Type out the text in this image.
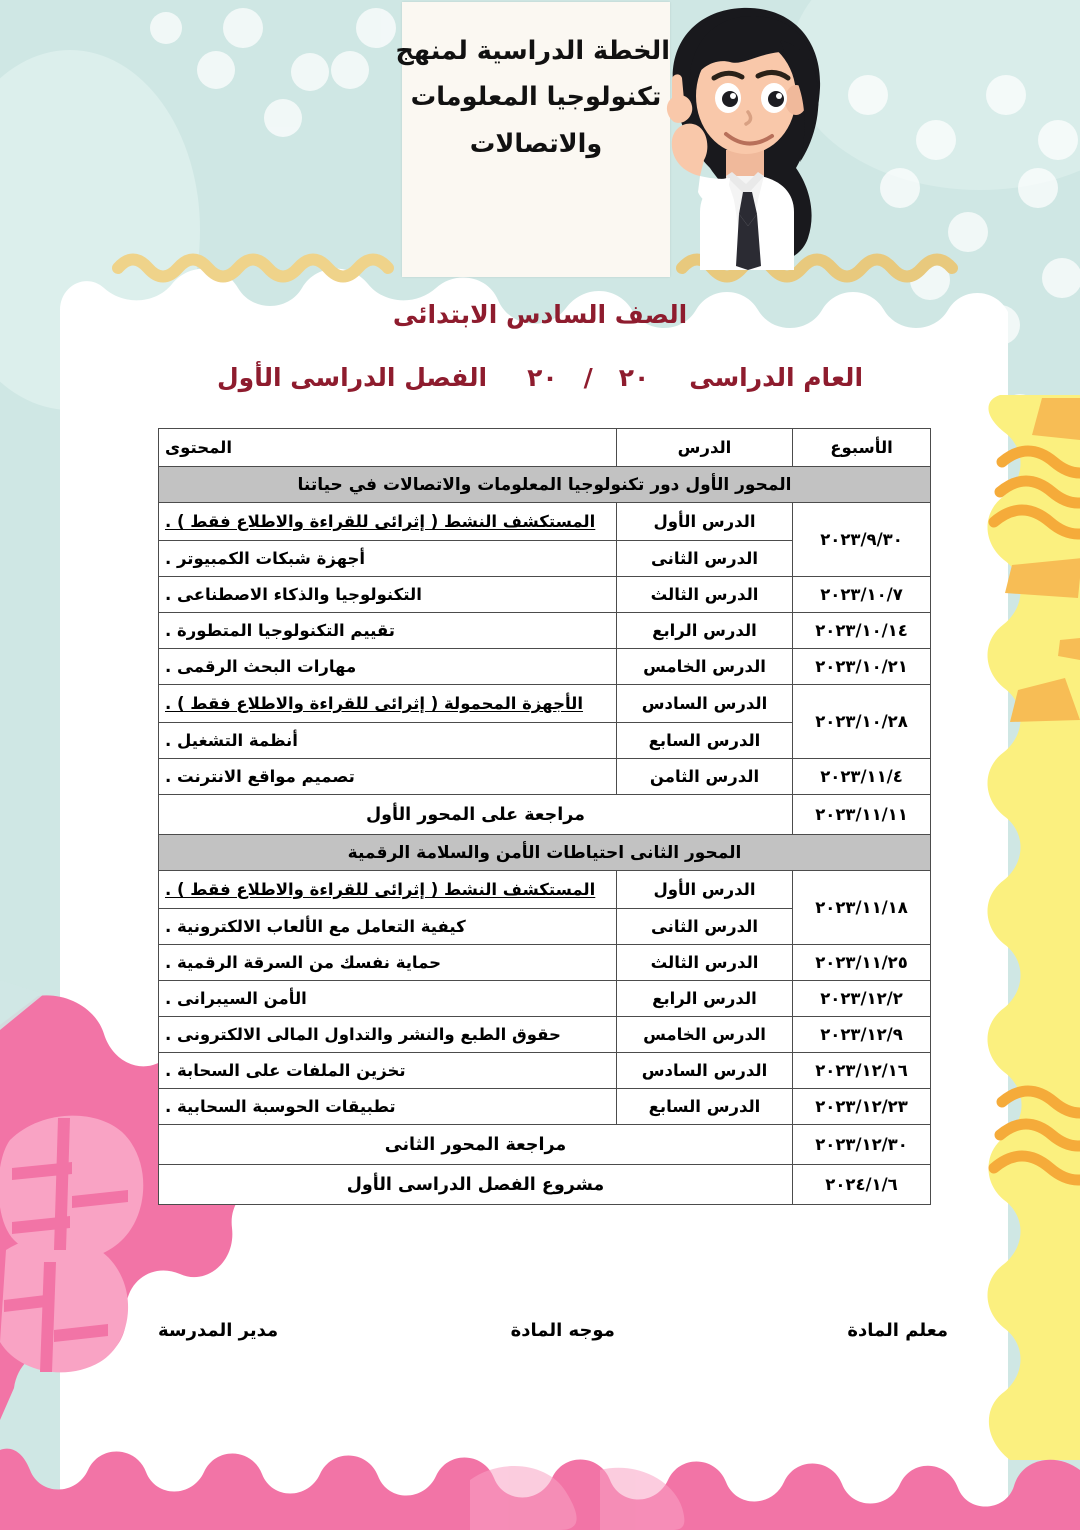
الخطة الدراسية لمنهج
تكنولوجيا المعلومات
والاتصالات
الصف السادس الابتدائى
العام الدراسى٢٠/٢٠الفصل الدراسى الأول
الأسبوع	الدرس	المحتوى
المحور الأول دور تكنولوجيا المعلومات والاتصالات في حياتنا		
٢٠٢٣/٩/٣٠	الدرس الأول	المستكشف النشط ( إثرائى للقراءة والاطلاع فقط ) .
	الدرس الثانى	أجهزة شبكات الكمبيوتر .
٢٠٢٣/١٠/٧	الدرس الثالث	التكنولوجيا والذكاء الاصطناعى .
٢٠٢٣/١٠/١٤	الدرس الرابع	تقييم التكنولوجيا المتطورة .
٢٠٢٣/١٠/٢١	الدرس الخامس	مهارات البحث الرقمى .
٢٠٢٣/١٠/٢٨	الدرس السادس	الأجهزة المحمولة ( إثرائى للقراءة والاطلاع فقط ) .
	الدرس السابع	أنظمة التشغيل .
٢٠٢٣/١١/٤	الدرس الثامن	تصميم مواقع الانترنت .
٢٠٢٣/١١/١١	مراجعة على المحور الأول	
المحور الثانى احتياطات الأمن والسلامة الرقمية		
٢٠٢٣/١١/١٨	الدرس الأول	المستكشف النشط ( إثرائى للقراءة والاطلاع فقط ) .
	الدرس الثانى	كيفية التعامل مع الألعاب الالكترونية .
٢٠٢٣/١١/٢٥	الدرس الثالث	حماية نفسك من السرقة الرقمية .
٢٠٢٣/١٢/٢	الدرس الرابع	الأمن السيبرانى .
٢٠٢٣/١٢/٩	الدرس الخامس	حقوق الطبع والنشر والتداول المالى الالكترونى .
٢٠٢٣/١٢/١٦	الدرس السادس	تخزين الملفات على السحابة .
٢٠٢٣/١٢/٢٣	الدرس السابع	تطبيقات الحوسبة السحابية .
٢٠٢٣/١٢/٣٠	مراجعة المحور الثانى	
٢٠٢٤/١/٦	مشروع الفصل الدراسى الأول	
معلم المادة
موجه المادة
مدير المدرسة
